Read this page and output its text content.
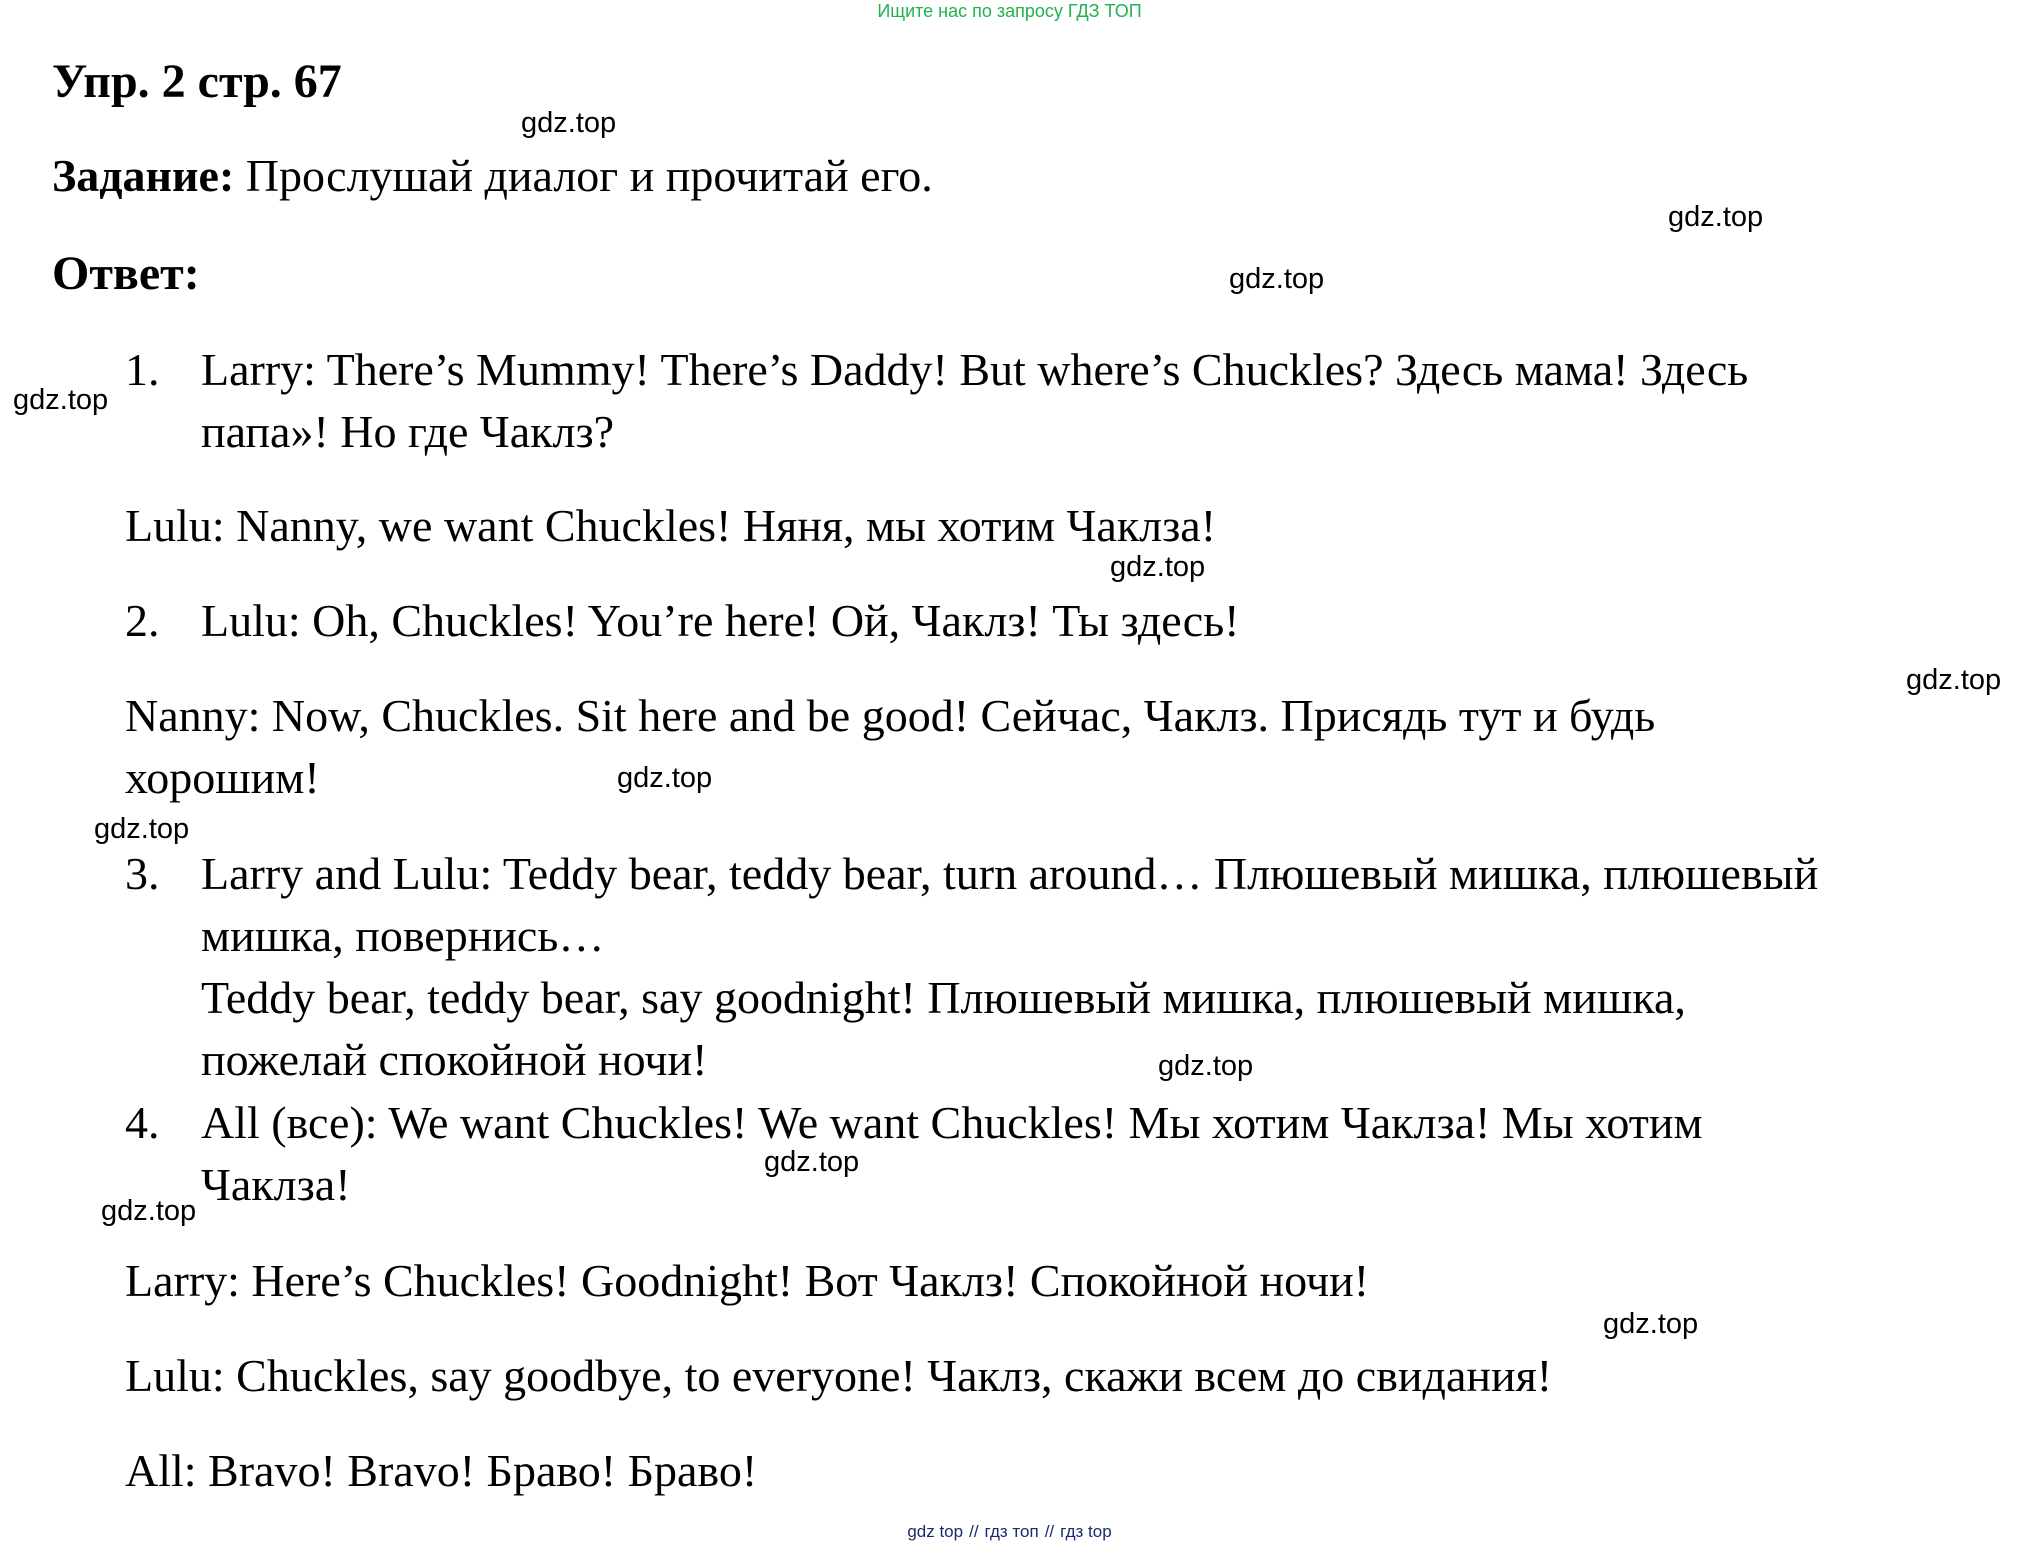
Ищите нас по запросу ГДЗ ТОП
Упр. 2 стр. 67
Задание: Прослушай диалог и прочитай его.
Ответ:
1. Larry: There’s Mummy! There’s Daddy! But where’s Chuckles? Здесь мама! Здесь
папа»! Но где Чаклз?
Lulu: Nanny, we want Chuckles! Няня, мы хотим Чаклза!
2. Lulu: Oh, Chuckles! You’re here! Ой, Чаклз! Ты здесь!
Nanny: Now, Chuckles. Sit here and be good! Сейчас, Чаклз. Присядь тут и будь
хорошим!
3. Larry and Lulu: Teddy bear, teddy bear, turn around… Плюшевый мишка, плюшевый
мишка, повернись…
Teddy bear, teddy bear, say goodnight! Плюшевый мишка, плюшевый мишка,
пожелай спокойной ночи!
4. All (все): We want Chuckles! We want Chuckles! Мы хотим Чаклза! Мы хотим
Чаклза!
Larry: Here’s Chuckles! Goodnight! Вот Чаклз! Спокойной ночи!
Lulu: Chuckles, say goodbye, to everyone! Чаклз, скажи всем до свидания!
All: Bravo! Bravo! Браво! Браво!
gdz.top
gdz.top
gdz.top
gdz.top
gdz.top
gdz.top
gdz.top
gdz.top
gdz.top
gdz.top
gdz.top
gdz.top
gdz top // гдз топ // гдз top
